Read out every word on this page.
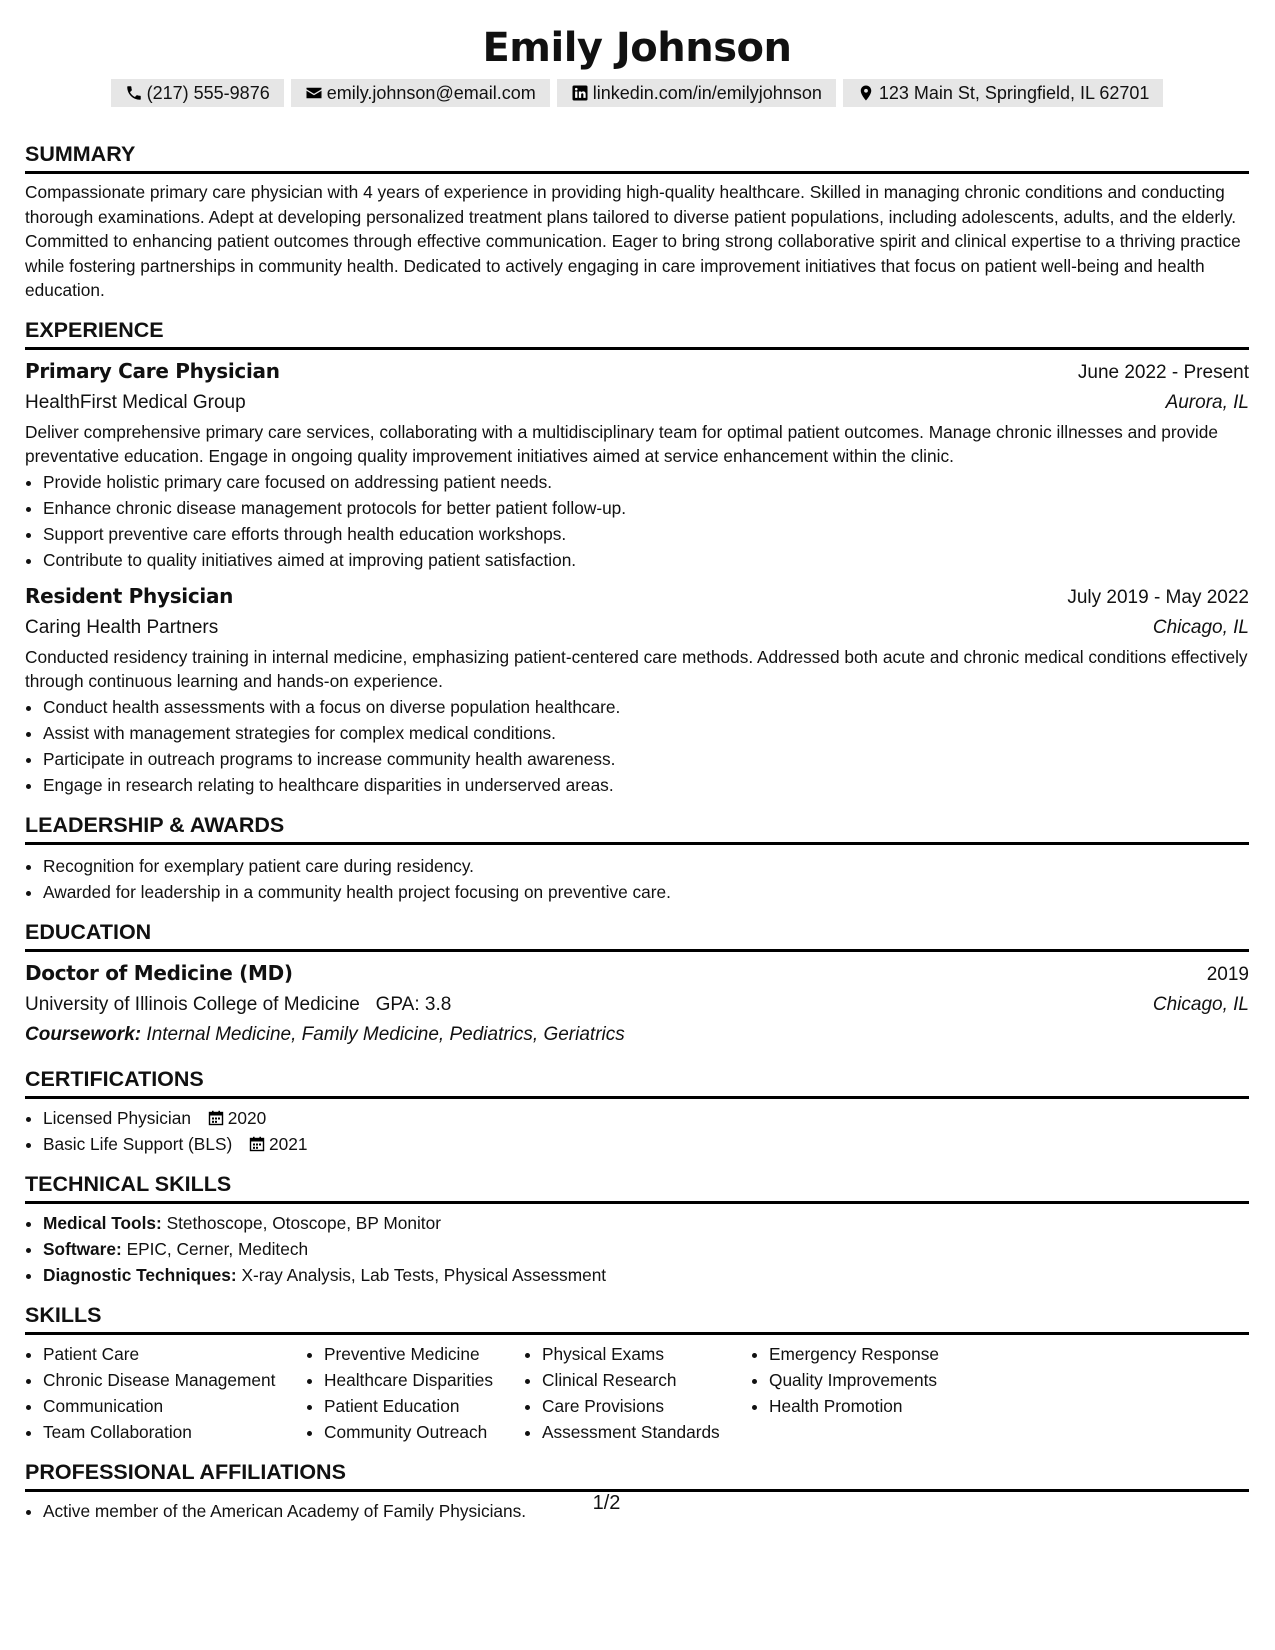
Emily Johnson
(217) 555-9876	emily.johnson@email.com	linkedin.com/in/emilyjohnson	123 Main St, Springfield, IL 62701
SUMMARY

Compassionate primary care physician with 4 years of experience in providing high-quality healthcare. Skilled in managing chronic conditions and conducting thorough examinations. Adept at developing personalized treatment plans tailored to diverse patient populations, including adolescents, adults, and the elderly. Committed to enhancing patient outcomes through effective communication. Eager to bring strong collaborative spirit and clinical expertise to a thriving practice while fostering partnerships in community health. Dedicated to actively engaging in care improvement initiatives that focus on patient well-being and health education.

EXPERIENCE
Primary Care Physician	June 2022 - Present
HealthFirst Medical Group	Aurora, IL

Deliver comprehensive primary care services, collaborating with a multidisciplinary team for optimal patient outcomes. Manage chronic illnesses and provide preventative education. Engage in ongoing quality improvement initiatives aimed at service enhancement within the clinic.

• Provide holistic primary care focused on addressing patient needs.
• Enhance chronic disease management protocols for better patient follow-up.
• Support preventive care efforts through health education workshops.
• Contribute to quality initiatives aimed at improving patient satisfaction.
Resident Physician	July 2019 - May 2022
Caring Health Partners	Chicago, IL

Conducted residency training in internal medicine, emphasizing patient-centered care methods. Addressed both acute and chronic medical conditions effectively through continuous learning and hands-on experience.

• Conduct health assessments with a focus on diverse population healthcare.
• Assist with management strategies for complex medical conditions.
• Participate in outreach programs to increase community health awareness.
• Engage in research relating to healthcare disparities in underserved areas.
LEADERSHIP & AWARDS
• Recognition for exemplary patient care during residency.
• Awarded for leadership in a community health project focusing on preventive care.
EDUCATION
Doctor of Medicine (MD)	2019
University of Illinois College of Medicine GPA: 3.8	Chicago, IL
Coursework: Internal Medicine, Family Medicine, Pediatrics, Geriatrics
CERTIFICATIONS
• Licensed Physician 2020
• Basic Life Support (BLS) 2021
TECHNICAL SKILLS
• Medical Tools: Stethoscope, Otoscope, BP Monitor
• Software: EPIC, Cerner, Meditech
• Diagnostic Techniques: X-ray Analysis, Lab Tests, Physical Assessment
SKILLS
• Patient Care
• Chronic Disease Management
• Communication
• Team Collaboration
• Preventive Medicine
• Healthcare Disparities
• Patient Education
• Community Outreach
• Physical Exams
• Clinical Research
• Care Provisions
• Assessment Standards
• Emergency Response
• Quality Improvements
• Health Promotion
PROFESSIONAL AFFILIATIONS
• Active member of the American Academy of Family Physicians.	1/2
